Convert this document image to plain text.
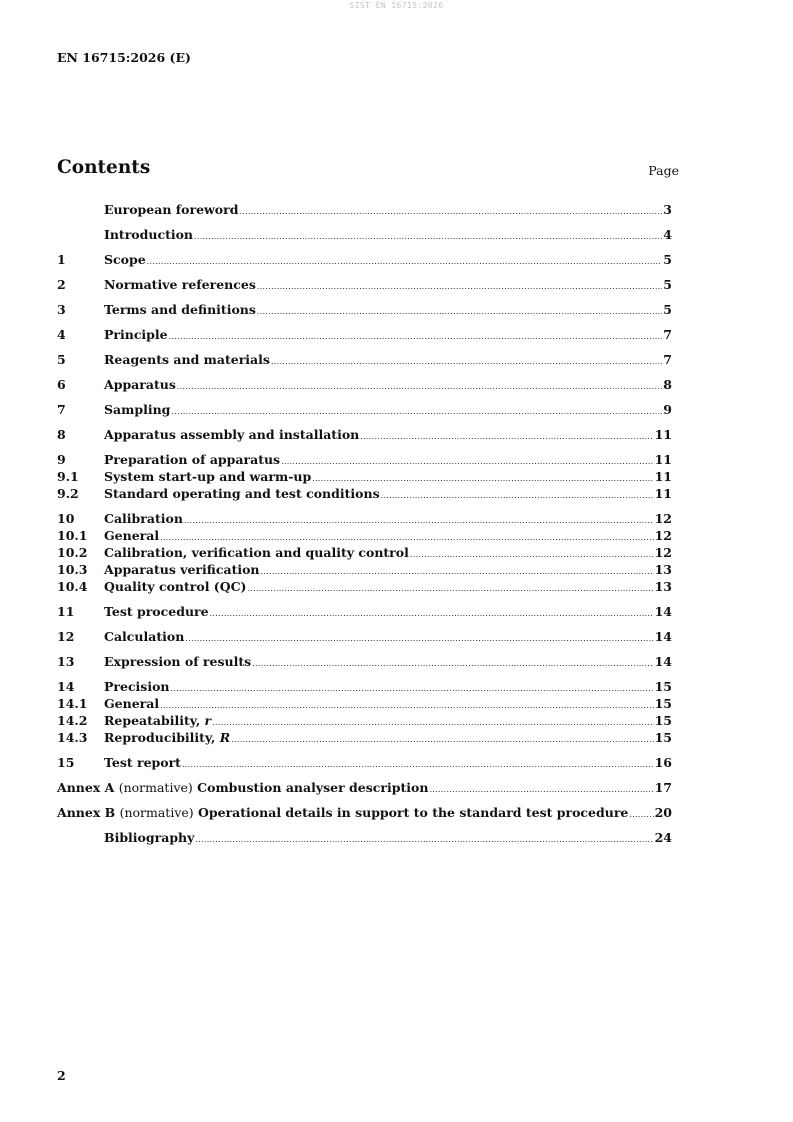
SIST EN 16715:2026
EN 16715:2026 (E)
Contents	Page
European foreword .....	3
Introduction .....	4
1	Scope .....	5
2	Normative references .....	5
3	Terms and definitions .....	5
4	Principle .....	7
5	Reagents and materials .....	7
6	Apparatus .....	8
7	Sampling .....	9
8	Apparatus assembly and installation .....	11
9	Preparation of apparatus .....	11
9.1	System start-up and warm-up .....	11
9.2	Standard operating and test conditions .....	11
10	Calibration .....	12
10.1	General .....	12
10.2	Calibration, verification and quality control .....	12
10.3	Apparatus verification .....	13
10.4	Quality control (QC) .....	13
11	Test procedure .....	14
12	Calculation .....	14
13	Expression of results .....	14
14	Precision .....	15
14.1	General .....	15
14.2	Repeatability, r .....	15
14.3	Reproducibility, R .....	15
15	Test report .....	16
Annex A (normative) Combustion analyser description .....	17
Annex B (normative) Operational details in support to the standard test procedure ..... 20
Bibliography .....	24
2
